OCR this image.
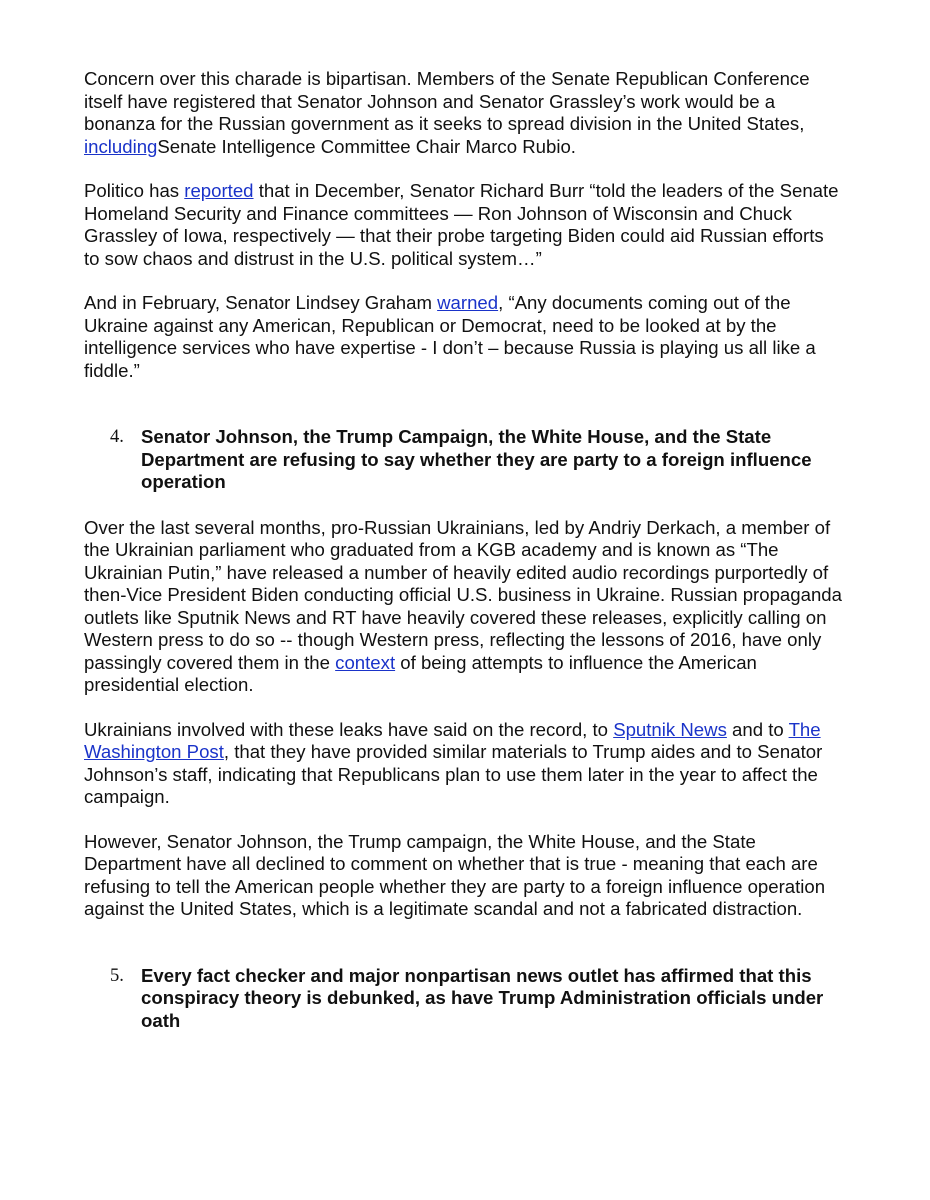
Concern over this charade is bipartisan. Members of the Senate Republican Conference itself have registered that Senator Johnson and Senator Grassley’s work would be a bonanza for the Russian government as it seeks to spread division in the United States, includingSenate Intelligence Committee Chair Marco Rubio.

Politico has reported that in December, Senator Richard Burr “told the leaders of the Senate Homeland Security and Finance committees — Ron Johnson of Wisconsin and Chuck Grassley of Iowa, respectively — that their probe targeting Biden could aid Russian efforts to sow chaos and distrust in the U.S. political system…”

And in February, Senator Lindsey Graham warned, “Any documents coming out of the Ukraine against any American, Republican or Democrat, need to be looked at by the intelligence services who have expertise - I don’t – because Russia is playing us all like a fiddle.”

4. Senator Johnson, the Trump Campaign, the White House, and the State Department are refusing to say whether they are party to a foreign influence operation

Over the last several months, pro-Russian Ukrainians, led by Andriy Derkach, a member of the Ukrainian parliament who graduated from a KGB academy and is known as “The Ukrainian Putin,” have released a number of heavily edited audio recordings purportedly of then-Vice President Biden conducting official U.S. business in Ukraine. Russian propaganda outlets like Sputnik News and RT have heavily covered these releases, explicitly calling on Western press to do so -- though Western press, reflecting the lessons of 2016, have only passingly covered them in the context of being attempts to influence the American presidential election.

Ukrainians involved with these leaks have said on the record, to Sputnik News and to The Washington Post, that they have provided similar materials to Trump aides and to Senator Johnson’s staff, indicating that Republicans plan to use them later in the year to affect the campaign.

However, Senator Johnson, the Trump campaign, the White House, and the State Department have all declined to comment on whether that is true - meaning that each are refusing to tell the American people whether they are party to a foreign influence operation against the United States, which is a legitimate scandal and not a fabricated distraction.

5. Every fact checker and major nonpartisan news outlet has affirmed that this conspiracy theory is debunked, as have Trump Administration officials under oath
